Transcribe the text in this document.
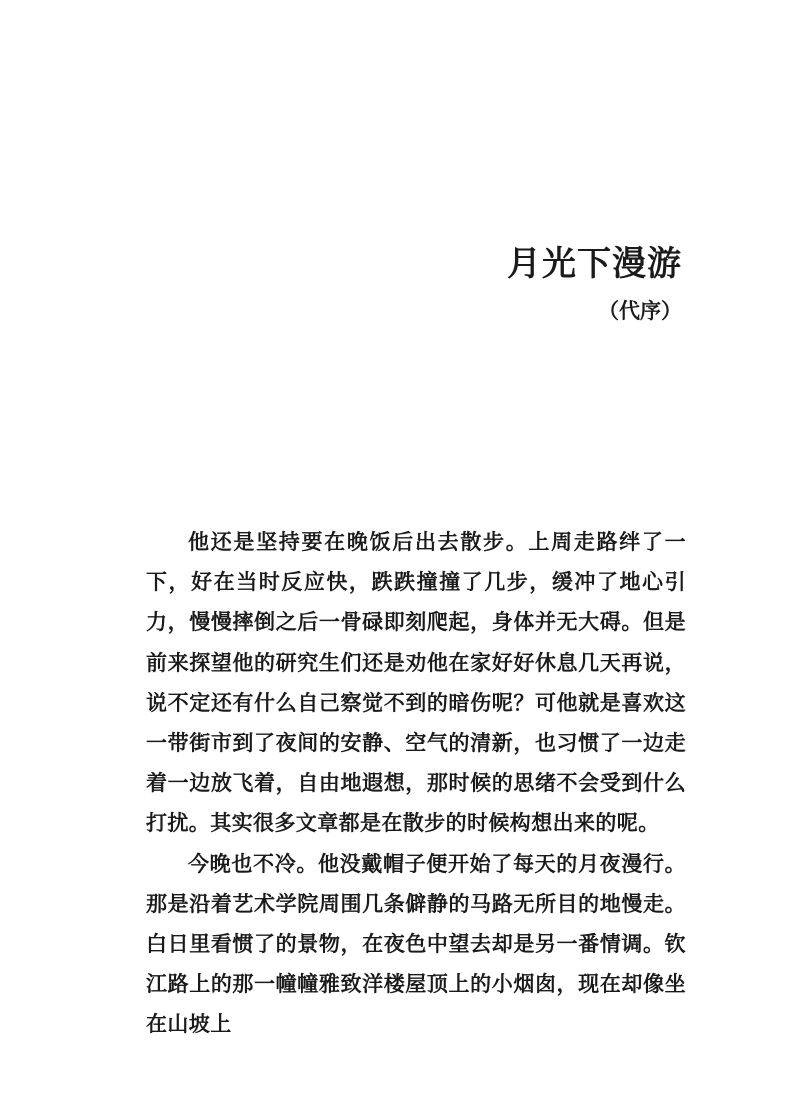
月光下漫游

（代序）

他还是坚持要在晚饭后出去散步。上周走路绊了一下，好在当时反应快，跌跌撞撞了几步，缓冲了地心引力，慢慢摔倒之后一骨碌即刻爬起，身体并无大碍。但是前来探望他的研究生们还是劝他在家好好休息几天再说，说不定还有什么自己察觉不到的暗伤呢？可他就是喜欢这一带街市到了夜间的安静、空气的清新，也习惯了一边走着一边放飞着，自由地遐想，那时候的思绪不会受到什么打扰。其实很多文章都是在散步的时候构想出来的呢。

今晚也不冷。他没戴帽子便开始了每天的月夜漫行。那是沿着艺术学院周围几条僻静的马路无所目的地慢走。白日里看惯了的景物，在夜色中望去却是另一番情调。钦江路上的那一幢幢雅致洋楼屋顶上的小烟囱，现在却像坐在山坡上
